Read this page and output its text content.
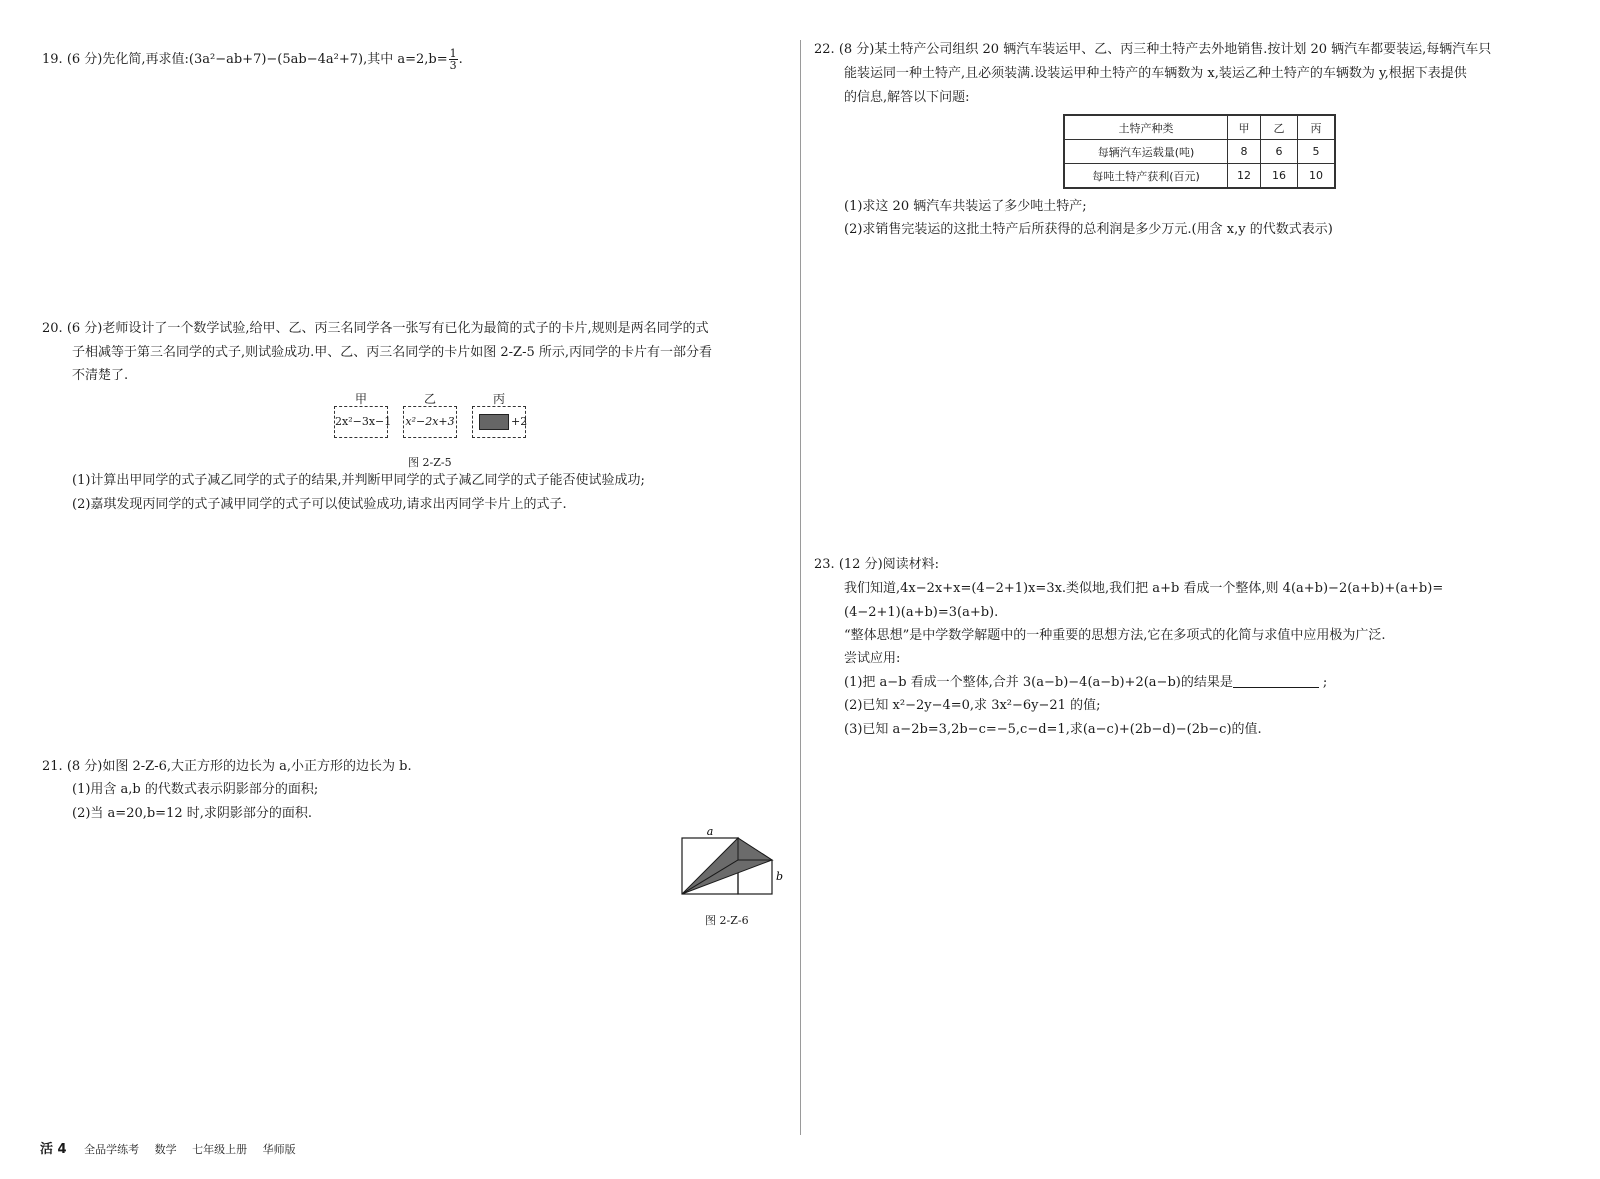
19. (6 分)先化简,再求值:(3a²−ab+7)−(5ab−4a²+7),其中 $a=2,b= \frac{1}{3}$ .
20. (6 分)老师设计了一个数学试验,给甲、乙、丙三名同学各一张写有已化为最简的式子的卡片,规则是两名同学的式
子相减等于第三名同学的式子,则试验成功.甲、乙、丙三名同学的卡片如图 2-Z-5 所示,丙同学的卡片有一部分看
不清楚了.
甲	乙	丙
2x²−3x−1 x²−2x+3	+2
图 2-Z-5
(1)计算出甲同学的式子减乙同学的式子的结果,并判断甲同学的式子减乙同学的式子能否使试验成功;
(2)嘉琪发现丙同学的式子减甲同学的式子可以使试验成功,请求出丙同学卡片上的式子.
21. (8 分)如图 2-Z-6,大正方形的边长为 a,小正方形的边长为 b.
(1)用含 a,b 的代数式表示阴影部分的面积;
(2)当 a=20,b=12 时,求阴影部分的面积.
a
b
图 2-Z-6
22. (8 分)某土特产公司组织 20 辆汽车装运甲、乙、丙三种土特产去外地销售.按计划 20 辆汽车都要装运,每辆汽车只
能装运同一种土特产,且必须装满.设装运甲种土特产的车辆数为 x,装运乙种土特产的车辆数为 y,根据下表提供
的信息,解答以下问题:
土特产种类	甲	乙	丙
每辆汽车运载量(吨)	8	6	5
每吨土特产获利(百元)	12	16	10
(1)求这 20 辆汽车共装运了多少吨土特产;
(2)求销售完装运的这批土特产后所获得的总利润是多少万元.(用含 x,y 的代数式表示)
23. (12 分)阅读材料:
我们知道,4x−2x+x=(4−2+1)x=3x.类似地,我们把 a+b 看成一个整体,则 4(a+b)−2(a+b)+(a+b)=
(4−2+1)(a+b)=3(a+b).
“整体思想”是中学数学解题中的一种重要的思想方法,它在多项式的化简与求值中应用极为广泛.
尝试应用:
(1)把 a−b 看成一个整体,合并 3(a−b)−4(a−b)+2(a−b)的结果是	;
(2)已知 x²−2y−4=0,求 3x²−6y−21 的值;
(3)已知 a−2b=3,2b−c=−5,c−d=1,求(a−c)+(2b−d)−(2b−c)的值.
活 4 全品学练考 数学 七年级上册 华师版
